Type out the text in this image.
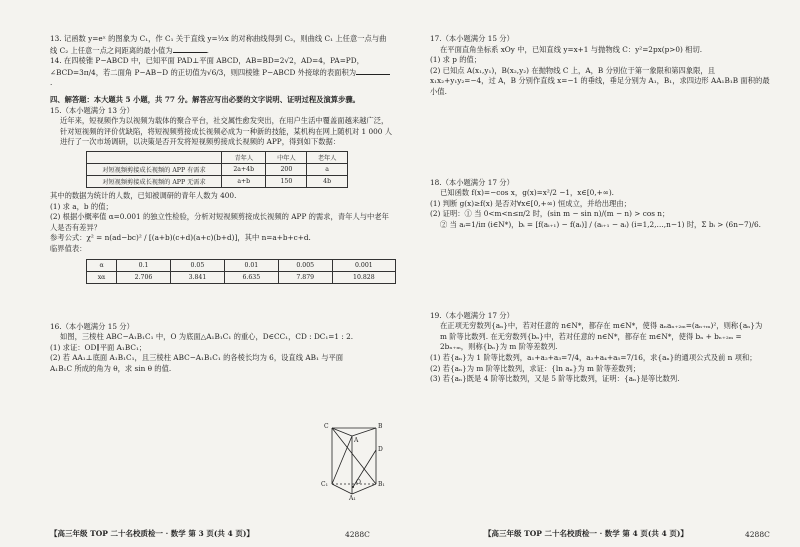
13. 记函数 y=eˣ 的图象为 C₁，作 C₁ 关于直线 y=½x 的对称曲线得到 C₂，则曲线 C₁ 上任意一点与曲线 C₂ 上任意一点之间距离的最小值为	.

14. 在四棱锥 P−ABCD 中，已知平面 PAD⊥平面 ABCD，AB=BD=2√2，AD=4，PA=PD，∠BCD=3π/4，若二面角 P−AB−D 的正切值为√6/3，则四棱锥 P−ABCD 外接球的表面积为.

四、解答题：本大题共 5 小题，共 77 分。解答应写出必要的文字说明、证明过程及演算步骤。

15.（本小题满分 13 分）

近年来，短视频作为以视频为载体的聚合平台，社交属性愈发突出，在用户生活中覆盖面越来越广泛，针对短视频的评价优缺陷，将短视频剪接成长视频必成为一种新的技能，某机构在网上随机对 1 000 人进行了一次市场调研，以决策是否开发将短视频剪接成长视频的 APP，得到如下数据：

	青年人	中年人	老年人
对短视频剪接成长视频的 APP 有需求	2a+4b	200	a
对短视频剪接成长视频的 APP 无需求	a+b	150	4b

其中的数据为统计的人数，已知被调研的青年人数为 400.

(1) 求 a，b 的值；

(2) 根据小概率值 α=0.001 的独立性检验，分析对短视频剪接成长视频的 APP 的需求，青年人与中老年人是否有差异？

参考公式：χ² = n(ad−bc)² / [(a+b)(c+d)(a+c)(b+d)]，其中 n=a+b+c+d.

临界值表：

α	0.1	0.05	0.01	0.005	0.001
xα	2.706	3.841	6.635	7.879	10.828

16.（本小题满分 15 分）

如图，三棱柱 ABC−A₁B₁C₁ 中，O 为底面△A₁B₁C₁ 的重心，D∈CC₁，CD : DC₁=1 : 2.

(1) 求证：OD∥平面 A₁BC₁；

(2) 若 AA₁⊥底面 A₁B₁C₁，且三棱柱 ABC−A₁B₁C₁ 的各棱长均为 6，设直线 AB₁ 与平面 A₁B₁C 所成的角为 θ，求 sin θ 的值.

【高三年级 TOP 二十名校质检一 · 数学 第 3 页(共 4 页)】	4288C
C	B
A
D
C₁	B₁
A₁
O

17.（本小题满分 15 分）

在平面直角坐标系 xOy 中，已知直线 y=x+1 与抛物线 C：y²=2px(p>0) 相切.

(1) 求 p 的值；

(2) 已知点 A(x₁,y₁)，B(x₂,y₂) 在抛物线 C 上，A，B 分别位于第一象限和第四象限，且 x₁x₂+y₁y₂=−4，过 A，B 分别作直线 x=−1 的垂线，垂足分别为 A₁，B₁，求四边形 AA₁B₁B 面积的最小值.

18.（本小题满分 17 分）

已知函数 f(x)=−cos x，g(x)=x²/2 −1，x∈[0,+∞).

(1) 判断 g(x)≥f(x) 是否对∀x∈[0,+∞) 恒成立，并给出理由；

(2) 证明：① 当 0<m<n≤π/2 时，(sin m − sin n)/(m − n) > cos n；

② 当 aᵢ=1/iπ (i∈N*)，bᵢ = [f(aᵢ₊₁) − f(aᵢ)] / (aᵢ₊₁ − aᵢ) (i=1,2,…,n−1) 时，Σ bᵢ > (6n−7)/6.

19.（本小题满分 17 分）

在正项无穷数列{aₙ}中，若对任意的 n∈N*，都存在 m∈N*，使得 aₙaₙ₊₂ₘ=(aₙ₊ₘ)²，则称{aₙ}为 m 阶等比数列. 在无穷数列{bₙ}中，若对任意的 n∈N*，都存在 m∈N*，使得 bₙ + bₙ₊₂ₘ = 2bₙ₊ₘ，则称{bₙ}为 m 阶等差数列.

(1) 若{aₙ}为 1 阶等比数列，a₁+a₂+a₃=7/4，a₃+a₄+a₅=7/16，求{aₙ}的通项公式及前 n 项和；

(2) 若{aₙ}为 m 阶等比数列，求证：{ln aₙ}为 m 阶等差数列；

(3) 若{aₙ}既是 4 阶等比数列，又是 5 阶等比数列，证明：{aₙ}是等比数列.

【高三年级 TOP 二十名校质检一 · 数学 第 4 页(共 4 页)】	4288C
